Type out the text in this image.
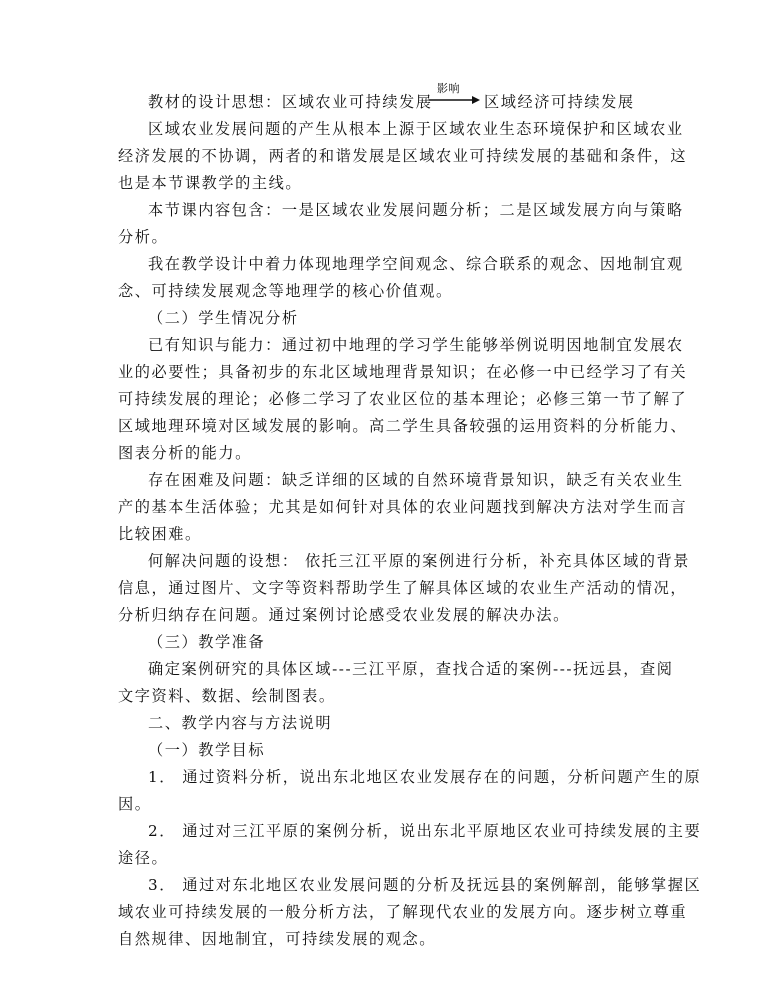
教材的设计思想：区域农业可持续发展
影响
区域经济可持续发展
区域农业发展问题的产生从根本上源于区域农业生态环境保护和区域农业
经济发展的不协调，两者的和谐发展是区域农业可持续发展的基础和条件，这
也是本节课教学的主线。
本节课内容包含：一是区域农业发展问题分析；二是区域发展方向与策略
分析。
我在教学设计中着力体现地理学空间观念、综合联系的观念、因地制宜观
念、可持续发展观念等地理学的核心价值观。
（二）学生情况分析
已有知识与能力：通过初中地理的学习学生能够举例说明因地制宜发展农
业的必要性；具备初步的东北区域地理背景知识；在必修一中已经学习了有关
可持续发展的理论；必修二学习了农业区位的基本理论；必修三第一节了解了
区域地理环境对区域发展的影响。高二学生具备较强的运用资料的分析能力、
图表分析的能力。
存在困难及问题：缺乏详细的区域的自然环境背景知识，缺乏有关农业生
产的基本生活体验；尤其是如何针对具体的农业问题找到解决方法对学生而言
比较困难。
何解决问题的设想： 依托三江平原的案例进行分析，补充具体区域的背景
信息，通过图片、文字等资料帮助学生了解具体区域的农业生产活动的情况，
分析归纳存在问题。通过案例讨论感受农业发展的解决办法。
（三）教学准备
确定案例研究的具体区域---三江平原，查找合适的案例---抚远县，查阅
文字资料、数据、绘制图表。
二、教学内容与方法说明
（一）教学目标
1． 通过资料分析，说出东北地区农业发展存在的问题，分析问题产生的原
因。
2． 通过对三江平原的案例分析，说出东北平原地区农业可持续发展的主要
途径。
3． 通过对东北地区农业发展问题的分析及抚远县的案例解剖，能够掌握区
域农业可持续发展的一般分析方法，了解现代农业的发展方向。逐步树立尊重
自然规律、因地制宜，可持续发展的观念。
